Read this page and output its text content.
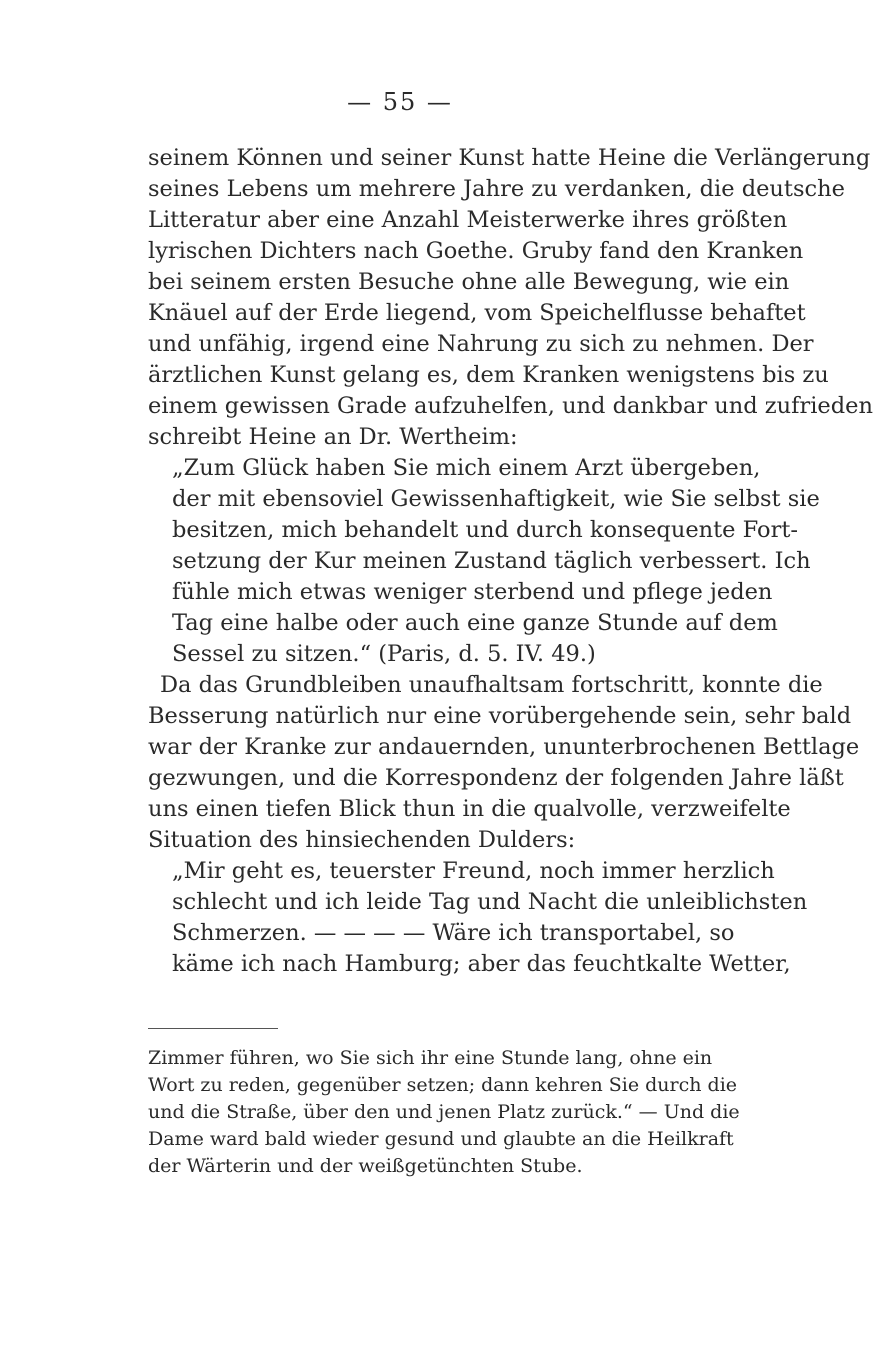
— 55 —
seinem Können und seiner Kunst hatte Heine die Verlängerung
seines Lebens um mehrere Jahre zu verdanken, die deutsche
Litteratur aber eine Anzahl Meisterwerke ihres größten
lyrischen Dichters nach Goethe. Gruby fand den Kranken
bei seinem ersten Besuche ohne alle Bewegung, wie ein
Knäuel auf der Erde liegend, vom Speichelflusse behaftet
und unfähig, irgend eine Nahrung zu sich zu nehmen. Der
ärztlichen Kunst gelang es, dem Kranken wenigstens bis zu
einem gewissen Grade aufzuhelfen, und dankbar und zufrieden
schreibt Heine an Dr. Wertheim:
„Zum Glück haben Sie mich einem Arzt übergeben,
der mit ebensoviel Gewissenhaftigkeit, wie Sie selbst sie
besitzen, mich behandelt und durch konsequente Fort-
setzung der Kur meinen Zustand täglich verbessert. Ich
fühle mich etwas weniger sterbend und pflege jeden
Tag eine halbe oder auch eine ganze Stunde auf dem
Sessel zu sitzen.“ (Paris, d. 5. IV. 49.)
Da das Grundbleiben unaufhaltsam fortschritt, konnte die
Besserung natürlich nur eine vorübergehende sein, sehr bald
war der Kranke zur andauernden, ununterbrochenen Bettlage
gezwungen, und die Korrespondenz der folgenden Jahre läßt
uns einen tiefen Blick thun in die qualvolle, verzweifelte
Situation des hinsiechenden Dulders:
„Mir geht es, teuerster Freund, noch immer herzlich
schlecht und ich leide Tag und Nacht die unleiblichsten
Schmerzen. — — — — Wäre ich transportabel, so
käme ich nach Hamburg; aber das feuchtkalte Wetter,
Zimmer führen, wo Sie sich ihr eine Stunde lang, ohne ein
Wort zu reden, gegenüber setzen; dann kehren Sie durch die
und die Straße, über den und jenen Platz zurück.“ — Und die
Dame ward bald wieder gesund und glaubte an die Heilkraft
der Wärterin und der weißgetünchten Stube.
